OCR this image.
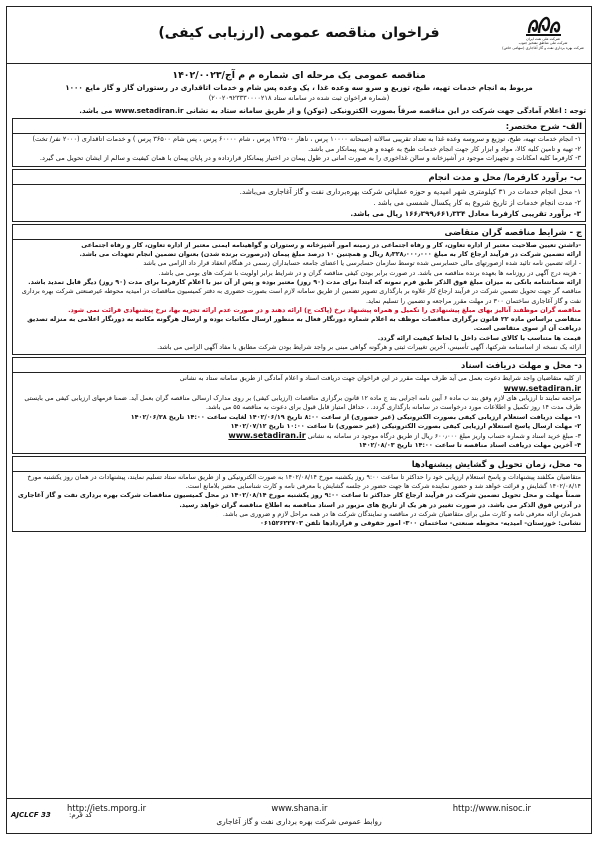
فراخوان مناقصه عمومی (ارزیابی کیفی)	شرکت ملی نفت ایران
شرکت ملی مناطق نفتخیز جنوب
شرکت بهره برداری نفت و گاز آغاجاری (سهامی خاص)
مناقصه عمومی یک مرحله ای شماره م م آج/۱۴۰۲/۰۰۲۳
مربوط به انجام خدمات تهیه، طبخ، توزیع و سرو سه وعده غذا ، یک وعده پس شام و خدمات اتاقداری در رستوران گاز و گاز مایع ۱۰۰۰
(شماره فراخوان ثبت شده در سامانه ستاد ۲۰۰۲۰۹۲۳۳۳۰۰۰۰۲۱۸)
توجه : اعلام آمادگی جهت شرکت در این مناقصه صرفاً بصورت الکترونیکی (توکن) و از طریق سامانه ستاد به نشانی www.setadiran.ir می باشد.
الف- شرح مختصر:

۱- انجام خدمات تهیه، طبخ، توزیع و سروسه وعده غذا به تعداد تقریبی سالانه (صبحانه ۱۰۰۰۰ پرس ، ناهار ۱۳۲۵۰۰ پرس ، شام ۶۰۰۰۰ پرس ، پس شام ۳۶۵۰۰ پرس ) و خدمات اتاقداری (۲۰۰۰ نفر/ تخت)

۲- تهیه و تامین کلیه کالا، مواد و ابزار کار جهت انجام خدمات طبخ به عهده و هزینه پیمانکار می باشد.

۳- کارفرما کلیه امکانات و تجهیزات موجود در آشپزخانه و سالن غذاخوری را به صورت امانی در طول پیمان در اختیار پیمانکار قرارداده و در پایان پیمان با همان کیفیت و سالم از ایشان تحویل می گیرد.

ب- برآورد کارفرما/ محل و مدت انجام

۱- محل انجام خدمات در ۳۱ کیلومتری شهر امیدیه و حوزه عملیاتی شرکت بهره‌برداری نفت و گاز آغاجاری می‌باشد.

۲- مدت انجام خدمات از تاریخ شروع به کار یکسال شمسی می باشد .

۳- برآورد تقریبی کارفرما معادل ۱۶۶٫۳۹۹٫۶۶۱٫۳۳۴ ریال می باشد.

ج - شرایط مناقصه گران متقاضی

-داشتن تعیین صلاحیت معتبر از اداره تعاون، کار و رفاه اجتماعی در زمینه امور آشپزخانه و رستوران و گواهینامه ایمنی معتبر از اداره تعاون، کار و رفاه اجتماعی

ارائه تضمین شرکت در فرآیند ارجاع کار به مبلغ ۸٫۳۲۸٫۰۰۰٫۰۰۰ ریال و همچنین ۱۰ درصد مبلغ پیمان (درصورت برنده شدن) بعنوان تضمین انجام تعهدات می باشد.

- ارائه تضمین نامه تائید شده ازصورتهای مالی حسابرسی شده توسط سازمان حسابرسی یا اعضای جامعه حسابداران رسمی در هنگام انعقاد قرار داد الزامی می باشد

- هزینه درج آگهی در روزنامه ها بعهده برنده مناقصه می باشد. در صورت برابر بودن کیفی مناقصه گران و در شرایط برابر اولویت با شرکت های بومی می باشد.

ارائه ضمانتنامه بانکی به میزان مبلغ فوق الذکر طبق فرم نمونه که ابتدا برای مدت (۹۰ روز) معتبر بوده و پس از آن نیز با اعلام کارفرما برای مدت (۹۰ روز) دیگر قابل تمدید باشد.

مناقصه گر جهت تحویل تضمین شرکت در فرآیند ارجاع کار علاوه بر بارگذاری تصویر تضمین از طریق سامانه لازم است بصورت حضوری به دفتر کمیسیون مناقصات در امیدیه محوطه غیرصنعتی شرکت بهره برداری نفت و گاز آغاجاری ساختمان ۳۰۰ در مهلت مقرر مراجعه و تضمین را تسلیم نماید.

مناقصه گران موظفند آنالیز بهای مبلغ پیشنهادی را تکمیل و همراه پیشنهاد نرخ (پاکت ج) ارائه دهند و در صورت عدم ارائه تجزیه بها، نرخ پیشنهادی قرائت نمی شود.

متقاضی براساس ماده ۲۲ قانون برگزاری مناقصات موظف به اعلام شماره دورنگار فعال به منظور ارسال مکاتبات بوده و ارسال هرگونه مکاتبه به دورنگار اعلامی به منزله تصدیق دریافت آن از سوی متقاضی است.

قیمت ها متناسب با کالای ساخت داخل با لحاظ کیفیت ارائه گردد.

ارائه یک نسخه از اساسنامه شرکتها، آگهی تأسیس، آخرین تغییرات ثبتی و هرگونه گواهی مبنی بر واجد شرایط بودن شرکت مطابق با مفاد آگهی الزامی می باشد.

د- محل و مهلت دریافت اسناد

از کلیه متقاضیان واجد شرایط دعوت بعمل می آید ظرف مهلت مقرر در این فراخوان جهت دریافت اسناد و اعلام آمادگی از طریق سامانه ستاد به نشانی

www.setadiran.ir

مراجعه نمایند تا ارزیابی های لازم وفق بند ب ماده ۶ آیین نامه اجرایی بند ج ماده ۱۲ قانون برگزاری مناقصات (ارزیابی کیفی) بر روی مدارک ارسالی مناقصه گران بعمل آید. ضمنا فرمهای ارزیابی کیفی می بایستی ظرف مدت ۱۴ روز تکمیل و اطلاعات مورد درخواست در سامانه بارگذاری گردد. ، حداقل امتیاز قابل قبول برای دعوت به مناقصه ۵۵ می باشد.

۱- مهلت دریافت استعلام ارزیابی کیفی بصورت الکترونیکی (غیر حضوری) از ساعت ۸:۰۰ تاریخ ۱۴۰۲/۰۶/۱۹ لغایت ساعت ۱۴:۰۰ تاریخ ۱۴۰۲/۰۶/۲۸

۲- مهلت ارسال پاسخ استعلام ارزیابی کیفی بصورت الکترونیکی (غیر حضوری) تا ساعت ۱۰:۰۰ تاریخ ۱۴۰۲/۰۷/۱۲

۳- مبلغ خرید اسناد و شماره حساب واریز مبلغ ۶۰۰٫۰۰۰ ریال از طریق درگاه موجود در سامانه به نشانی www.setadiran.ir

۴- آخرین مهلت دریافت اسناد مناقصه تا ساعت ۱۴:۰۰ تاریخ ۱۴۰۲/۰۸/۰۳

ه- محل، زمان تحویل و گشایش پیشنهادها

متقاضیان مکلفند پیشنهادات و پاسخ استعلام ارزیابی خود را حداکثر تا ساعت ۹:۰۰ روز یکشنبه مورخ ۱۴۰۲/۰۸/۱۴ به صورت الکترونیکی و از طریق سامانه ستاد تسلیم نمایند، پیشنهادات در همان روز یکشنبه مورخ ۱۴۰۲/۰۸/۱۴ گشایش و قرائت خواهد شد و حضور نماینده شرکت ها جهت حضور در جلسه گشایش با معرفی نامه و کارت شناسایی معتبر بلامانع است.

ضمناً مهلت و محل تحویل تضمین شرکت در فرآیند ارجاع کار حداکثر تا ساعت ۹:۰۰ روز یکشنبه مورخ ۱۴۰۲/۰۸/۱۴ در محل کمیسیون مناقصات شرکت بهره برداری نفت و گاز آغاجاری در آدرس فوق الذکر می باشد. در صورت تغییر در هر یک از تاریخ های مزبور در اسناد مناقصه به اطلاع مناقصه گران خواهد رسید.

همزمان ارائه معرفی نامه و کارت ملی برای متقاضیان شرکت در مناقصه و نمایندگان شرکت ها در همه مراحل لازم و ضروری می باشد.

نشانی: خوزستان- امیدیه- محوطه صنعتی- ساختمان ۳۰۰- امور حقوقی و قراردادها تلفن ۰۶۱۵۲۶۲۲۷۰۳

AJCLCF 33	کد فرم:
http://iets.mporg.ir	www.shana.ir	http://www.nisoc.ir
روابط عمومی شرکت بهره برداری نفت و گاز آغاجاری
